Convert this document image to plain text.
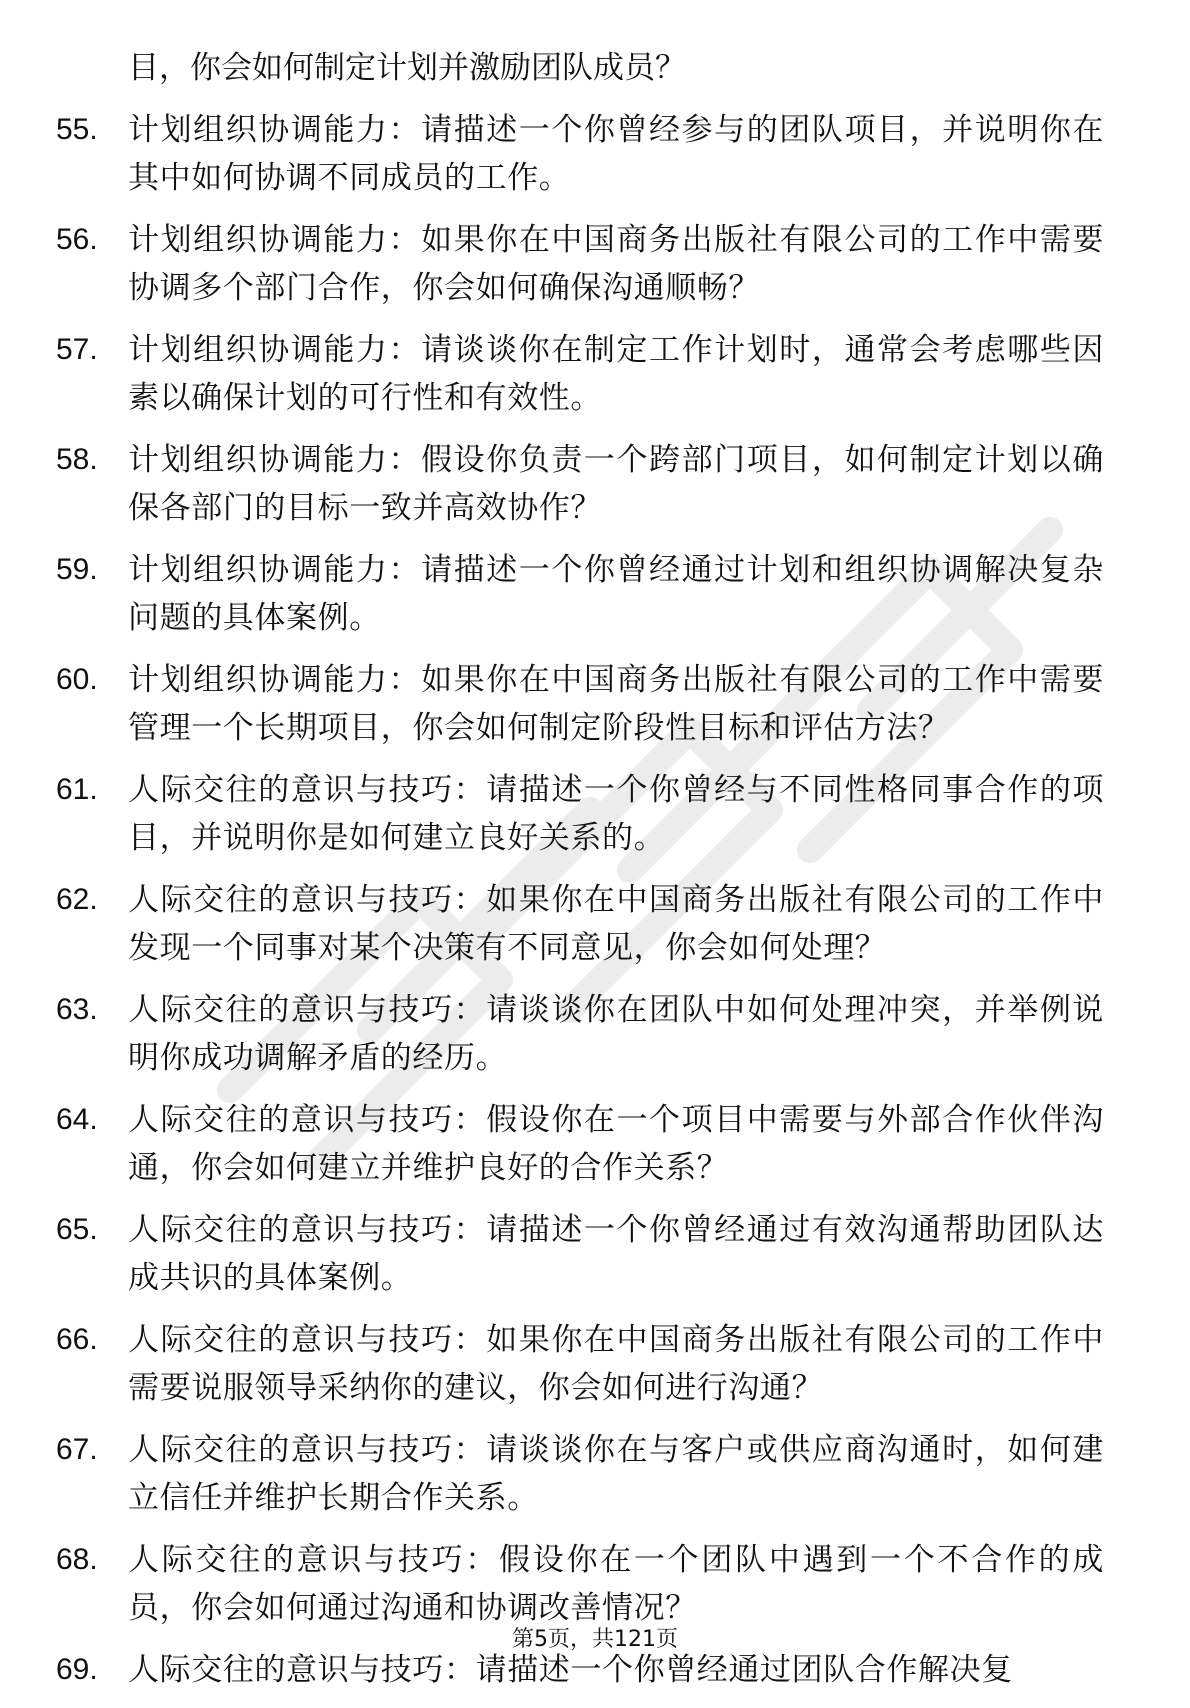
目，你会如何制定计划并激励团队成员？
55. 计划组织协调能力：请描述一个你曾经参与的团队项目，并说明你在其中如何协调不同成员的工作。
56. 计划组织协调能力：如果你在中国商务出版社有限公司的工作中需要协调多个部门合作，你会如何确保沟通顺畅？
57. 计划组织协调能力：请谈谈你在制定工作计划时，通常会考虑哪些因素以确保计划的可行性和有效性。
58. 计划组织协调能力：假设你负责一个跨部门项目，如何制定计划以确保各部门的目标一致并高效协作？
59. 计划组织协调能力：请描述一个你曾经通过计划和组织协调解决复杂问题的具体案例。
60. 计划组织协调能力：如果你在中国商务出版社有限公司的工作中需要管理一个长期项目，你会如何制定阶段性目标和评估方法？
61. 人际交往的意识与技巧：请描述一个你曾经与不同性格同事合作的项目，并说明你是如何建立良好关系的。
62. 人际交往的意识与技巧：如果你在中国商务出版社有限公司的工作中发现一个同事对某个决策有不同意见，你会如何处理？
63. 人际交往的意识与技巧：请谈谈你在团队中如何处理冲突，并举例说明你成功调解矛盾的经历。
64. 人际交往的意识与技巧：假设你在一个项目中需要与外部合作伙伴沟通，你会如何建立并维护良好的合作关系？
65. 人际交往的意识与技巧：请描述一个你曾经通过有效沟通帮助团队达成共识的具体案例。
66. 人际交往的意识与技巧：如果你在中国商务出版社有限公司的工作中需要说服领导采纳你的建议，你会如何进行沟通？
67. 人际交往的意识与技巧：请谈谈你在与客户或供应商沟通时，如何建立信任并维护长期合作关系。
68. 人际交往的意识与技巧：假设你在一个团队中遇到一个不合作的成员，你会如何通过沟通和协调改善情况？
69. 人际交往的意识与技巧：请描述一个你曾经通过团队合作解决复
第5页，共121页
